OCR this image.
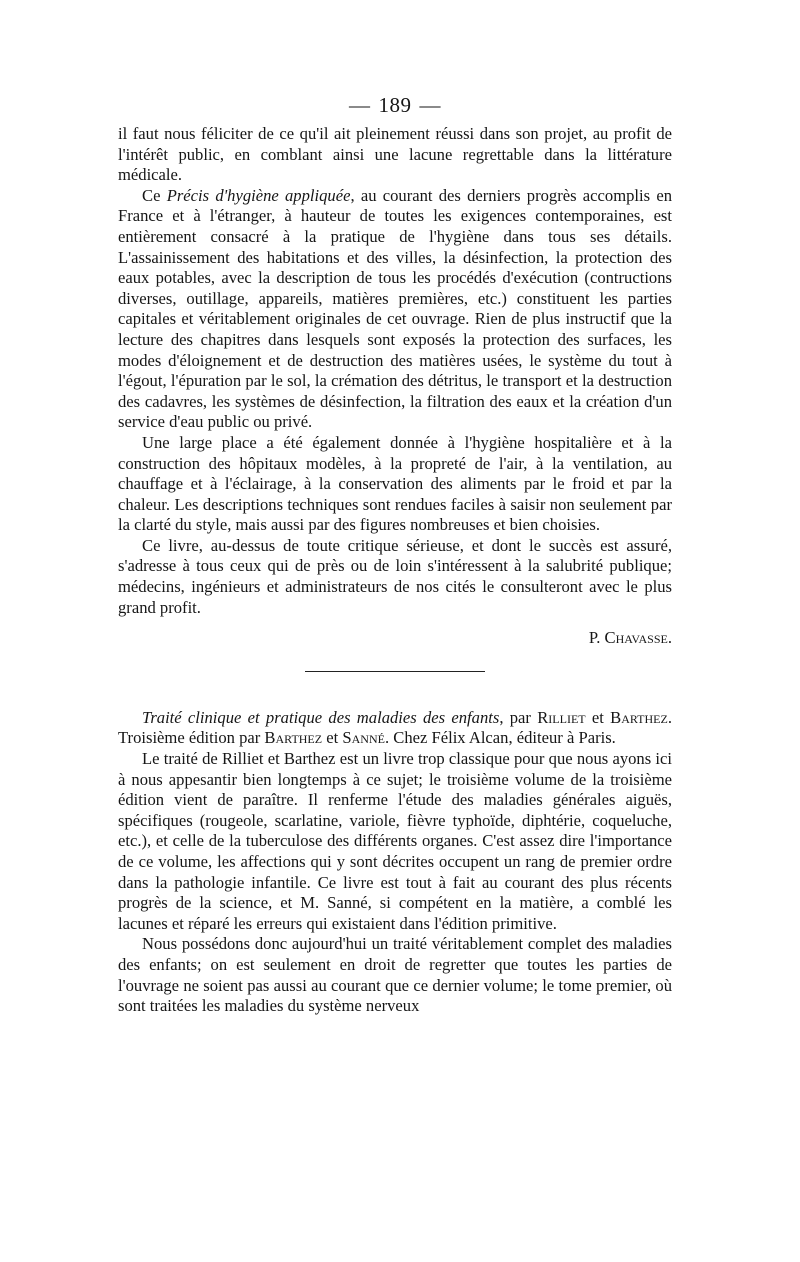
— 189 —

il faut nous féliciter de ce qu'il ait pleinement réussi dans son projet, au profit de l'intérêt public, en comblant ainsi une lacune regrettable dans la littérature médicale.

Ce Précis d'hygiène appliquée, au courant des derniers progrès accomplis en France et à l'étranger, à hauteur de toutes les exigences contemporaines, est entièrement consacré à la pratique de l'hygiène dans tous ses détails. L'assainissement des habitations et des villes, la désinfection, la protection des eaux potables, avec la description de tous les procédés d'exécution (contructions diverses, outillage, appareils, matières premières, etc.) constituent les parties capitales et véritablement originales de cet ouvrage. Rien de plus instructif que la lecture des chapitres dans lesquels sont exposés la protection des surfaces, les modes d'éloignement et de destruction des matières usées, le système du tout à l'égout, l'épuration par le sol, la crémation des détritus, le transport et la destruction des cadavres, les systèmes de désinfection, la filtration des eaux et la création d'un service d'eau public ou privé.

Une large place a été également donnée à l'hygiène hospitalière et à la construction des hôpitaux modèles, à la propreté de l'air, à la ventilation, au chauffage et à l'éclairage, à la conservation des aliments par le froid et par la chaleur. Les descriptions techniques sont rendues faciles à saisir non seulement par la clarté du style, mais aussi par des figures nombreuses et bien choisies.

Ce livre, au-dessus de toute critique sérieuse, et dont le succès est assuré, s'adresse à tous ceux qui de près ou de loin s'intéressent à la salubrité publique; médecins, ingénieurs et administrateurs de nos cités le consulteront avec le plus grand profit.

P. Chavasse.

Traité clinique et pratique des maladies des enfants, par Rilliet et Barthez. Troisième édition par Barthez et Sanné. Chez Félix Alcan, éditeur à Paris.

Le traité de Rilliet et Barthez est un livre trop classique pour que nous ayons ici à nous appesantir bien longtemps à ce sujet; le troisième volume de la troisième édition vient de paraître. Il renferme l'étude des maladies générales aiguës, spécifiques (rougeole, scarlatine, variole, fièvre typhoïde, diphtérie, coqueluche, etc.), et celle de la tuberculose des différents organes. C'est assez dire l'importance de ce volume, les affections qui y sont décrites occupent un rang de premier ordre dans la pathologie infantile. Ce livre est tout à fait au courant des plus récents progrès de la science, et M. Sanné, si compétent en la matière, a comblé les lacunes et réparé les erreurs qui existaient dans l'édition primitive.

Nous possédons donc aujourd'hui un traité véritablement complet des maladies des enfants; on est seulement en droit de regretter que toutes les parties de l'ouvrage ne soient pas aussi au courant que ce dernier volume; le tome premier, où sont traitées les maladies du système nerveux
